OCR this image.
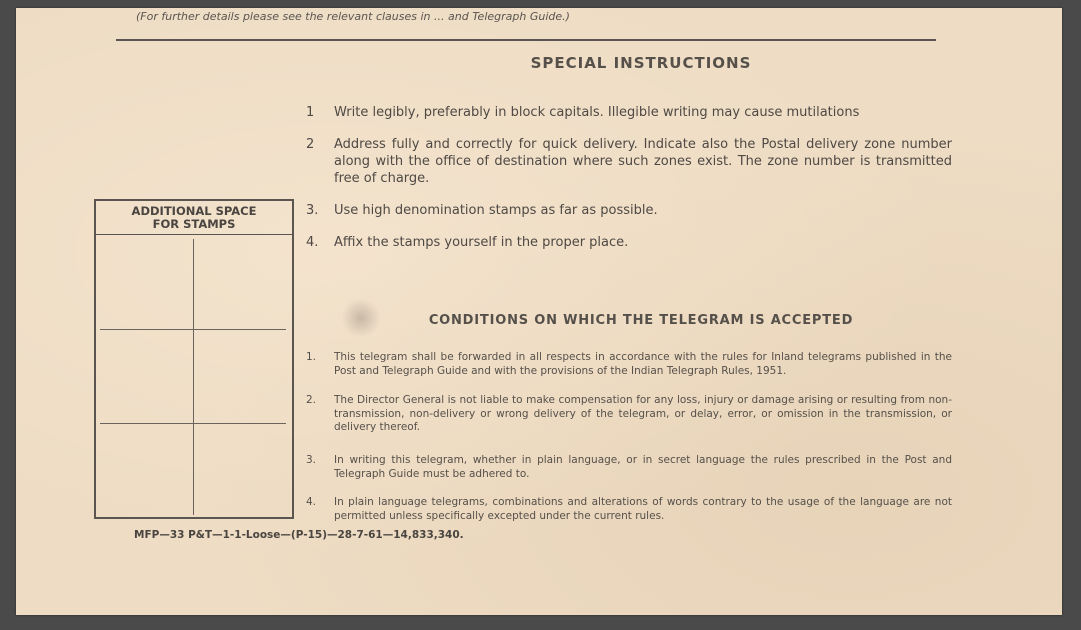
(For further details please see the relevant clauses in ... and Telegraph Guide.)
SPECIAL INSTRUCTIONS
1	Write legibly, preferably in block capitals. Illegible writing may cause mutilations
2	Address fully and correctly for quick delivery. Indicate also the Postal delivery zone number along with the office of destination where such zones exist. The zone number is transmitted free of charge.
3.	Use high denomination stamps as far as possible.
4.	Affix the stamps yourself in the proper place.
ADDITIONAL SPACE
FOR STAMPS
CONDITIONS ON WHICH THE TELEGRAM IS ACCEPTED
1.	This telegram shall be forwarded in all respects in accordance with the rules for Inland telegrams published in the Post and Telegraph Guide and with the provisions of the Indian Telegraph Rules, 1951.
2.	The Director General is not liable to make compensation for any loss, injury or damage arising or resulting from non-transmission, non-delivery or wrong delivery of the telegram, or delay, error, or omission in the transmission, or delivery thereof.
3.	In writing this telegram, whether in plain language, or in secret language the rules prescribed in the Post and Telegraph Guide must be adhered to.
4.	In plain language telegrams, combinations and alterations of words contrary to the usage of the language are not permitted unless specifically excepted under the current rules.
MFP—33 P&T—1-1-Loose—(P-15)—28-7-61—14,833,340.
